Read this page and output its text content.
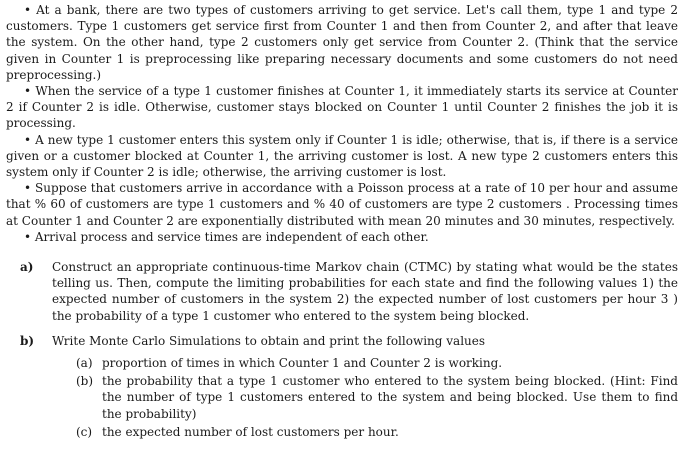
• At a bank, there are two types of customers arriving to get service. Let's call them, type 1 and type 2 customers. Type 1 customers get service first from Counter 1 and then from Counter 2, and after that leave the system. On the other hand, type 2 customers only get service from Counter 2. (Think that the service given in Counter 1 is preprocessing like preparing necessary documents and some customers do not need preprocessing.)

• When the service of a type 1 customer finishes at Counter 1, it immediately starts its service at Counter 2 if Counter 2 is idle. Otherwise, customer stays blocked on Counter 1 until Counter 2 finishes the job it is processing.

• A new type 1 customer enters this system only if Counter 1 is idle; otherwise, that is, if there is a service given or a customer blocked at Counter 1, the arriving customer is lost. A new type 2 customers enters this system only if Counter 2 is idle; otherwise, the arriving customer is lost.

• Suppose that customers arrive in accordance with a Poisson process at a rate of 10 per hour and assume that % 60 of customers are type 1 customers and % 40 of customers are type 2 customers . Processing times at Counter 1 and Counter 2 are exponentially distributed with mean 20 minutes and 30 minutes, respectively.

• Arrival process and service times are independent of each other.

a)	Construct an appropriate continuous-time Markov chain (CTMC) by stating what would be the states telling us. Then, compute the limiting probabilities for each state and find the following values 1) the expected number of customers in the system 2) the expected number of lost customers per hour 3 ) the probability of a type 1 customer who entered to the system being blocked.
b)	Write Monte Carlo Simulations to obtain and print the following values
(a) proportion of times in which Counter 1 and Counter 2 is working.
(b) the probability that a type 1 customer who entered to the system being blocked. (Hint: Find the number of type 1 customers entered to the system and being blocked. Use them to find the probability)
(c) the expected number of lost customers per hour.
